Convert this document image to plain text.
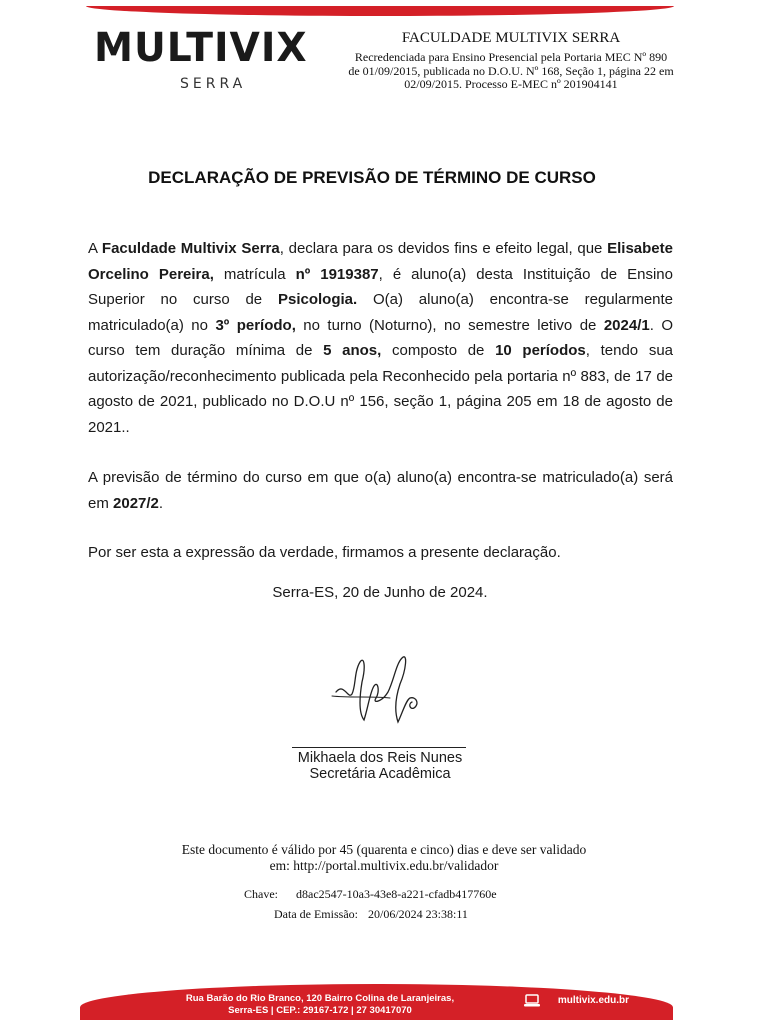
MULTIVIX
SERRA
FACULDADE MULTIVIX SERRA
Recredenciada para Ensino Presencial pela Portaria MEC Nº 890 de 01/09/2015, publicada no D.O.U. Nº 168, Seção 1, página 22 em 02/09/2015. Processo E-MEC nº 201904141
DECLARAÇÃO DE PREVISÃO DE TÉRMINO DE CURSO
A Faculdade Multivix Serra, declara para os devidos fins e efeito legal, que Elisabete Orcelino Pereira, matrícula nº 1919387, é aluno(a) desta Instituição de Ensino Superior no curso de Psicologia. O(a) aluno(a) encontra-se regularmente matriculado(a) no 3º período, no turno (Noturno), no semestre letivo de 2024/1. O curso tem duração mínima de 5 anos, composto de 10 períodos, tendo sua autorização/reconhecimento publicada pela Reconhecido pela portaria nº 883, de 17 de agosto de 2021, publicado no D.O.U nº 156, seção 1, página 205 em 18 de agosto de 2021..
A previsão de término do curso em que o(a) aluno(a) encontra-se matriculado(a) será em 2027/2.
Por ser esta a expressão da verdade, firmamos a presente declaração.
Serra-ES, 20 de Junho de 2024.
Mikhaela dos Reis Nunes
Secretária Acadêmica
Este documento é válido por 45 (quarenta e cinco) dias e deve ser validado em: http://portal.multivix.edu.br/validador
Chave: d8ac2547-10a3-43e8-a221-cfadb417760e
Data de Emissão: 20/06/2024 23:38:11
Rua Barão do Rio Branco, 120 Bairro Colina de Laranjeiras,
Serra-ES | CEP.: 29167-172 | 27 30417070
multivix.edu.br
